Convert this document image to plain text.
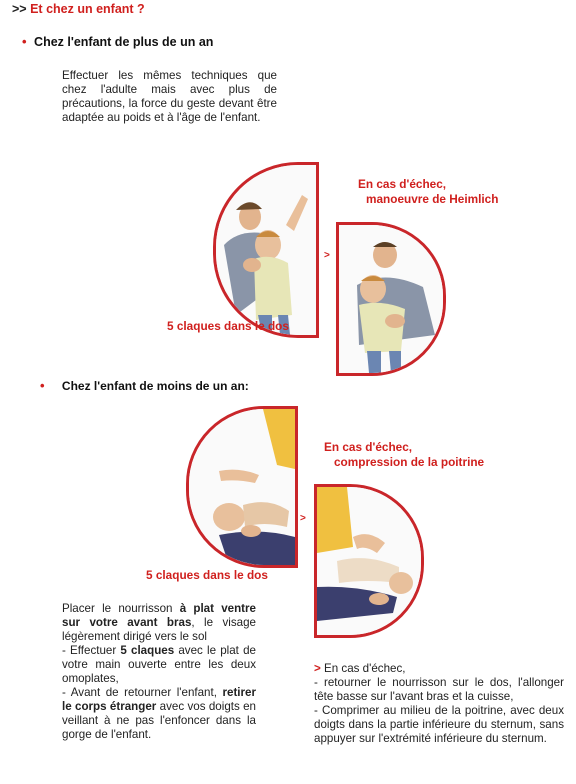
>> Et chez un enfant ?
• Chez l'enfant de plus de un an
Effectuer les mêmes techniques que chez l'adulte mais avec plus de précautions, la force du geste devant être adaptée au poids et à l'âge de l'enfant.
>
En cas d'échec,
manoeuvre de Heimlich
5 claques dans le dos
• Chez l'enfant de moins de un an:
>
En cas d'échec,
compression de la poitrine
5 claques dans le dos
Placer le nourrisson à plat ventre sur votre avant bras, le visage légèrement dirigé vers le sol
- Effectuer 5 claques avec le plat de votre main ouverte entre les deux omoplates,
- Avant de retourner l'enfant, retirer le corps étranger avec vos doigts en veillant à ne pas l'enfoncer dans la gorge de l'enfant.
> En cas d'échec,
- retourner le nourrisson sur le dos, l'allonger tête basse sur l'avant bras et la cuisse,
- Comprimer au milieu de la poitrine, avec deux doigts dans la partie inférieure du sternum, sans appuyer sur l'extrémité inférieure du sternum.
